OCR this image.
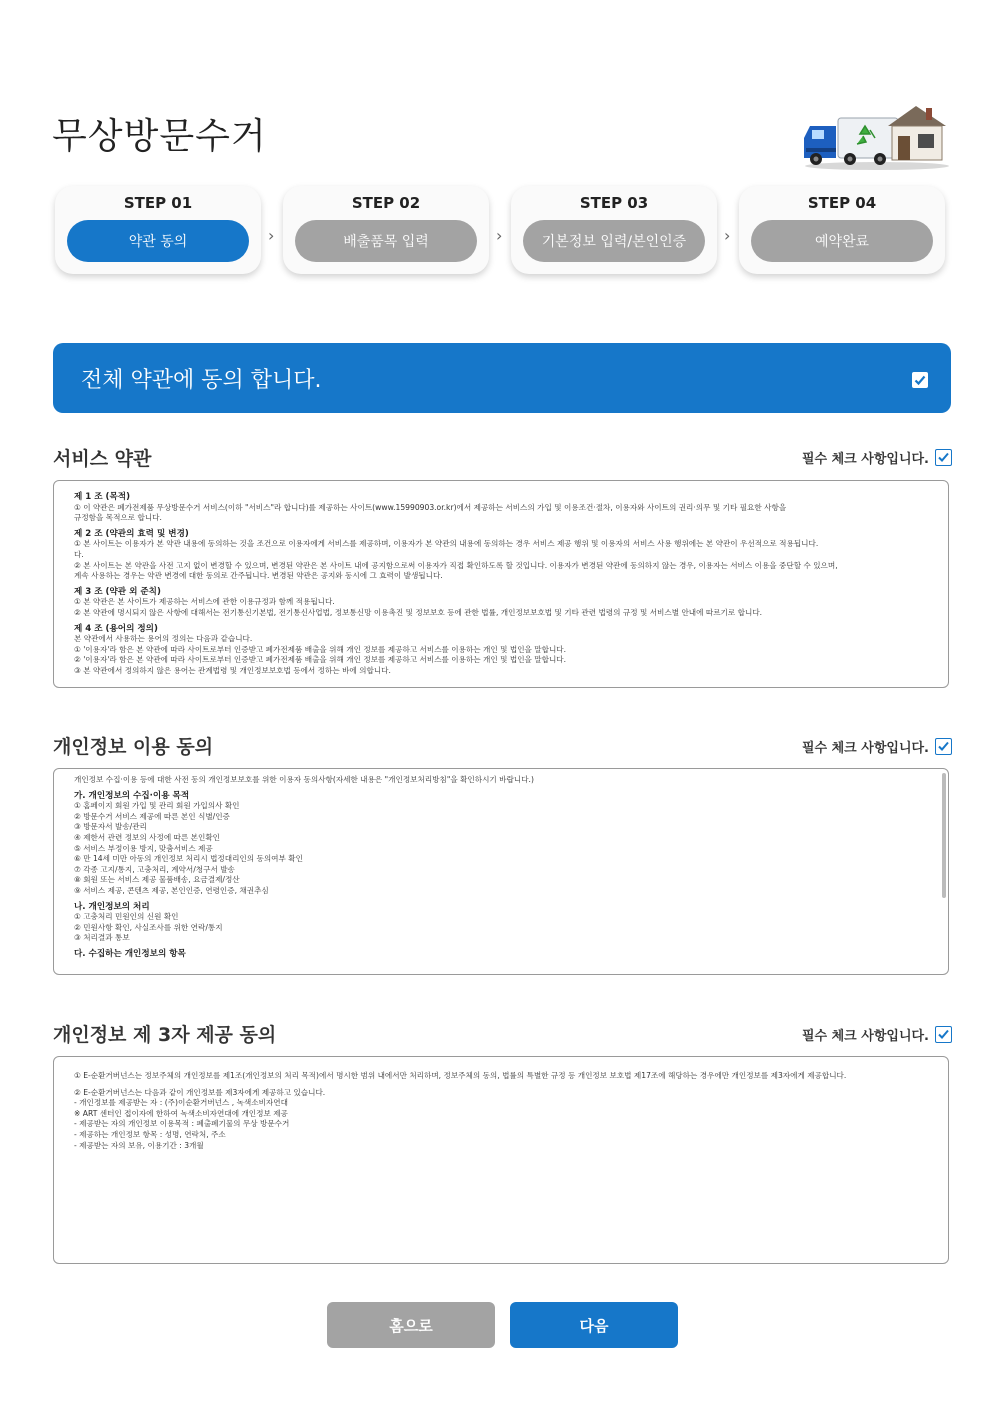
무상방문수거
STEP 01
약관 동의	›
STEP 02
배출품목 입력	›
STEP 03
기본정보 입력/본인인증	›
STEP 04
예약완료
전체 약관에 동의 합니다.
서비스 약관	필수 체크 사항입니다.
제 1 조 (목적)
① 이 약관은 폐가전제품 무상방문수거 서비스(이하 "서비스"라 합니다)를 제공하는 사이트(www.15990903.or.kr)에서 제공하는 서비스의 가입 및 이용조건·절차, 이용자와 사이트의 권리·의무 및 기타 필요한 사항을
규정함을 목적으로 합니다.
제 2 조 (약관의 효력 및 변경)
① 본 사이트는 이용자가 본 약관 내용에 동의하는 것을 조건으로 이용자에게 서비스를 제공하며, 이용자가 본 약관의 내용에 동의하는 경우 서비스 제공 행위 및 이용자의 서비스 사용 행위에는 본 약관이 우선적으로 적용됩니다.
다.
② 본 사이트는 본 약관을 사전 고지 없이 변경할 수 있으며, 변경된 약관은 본 사이트 내에 공지함으로써 이용자가 직접 확인하도록 할 것입니다. 이용자가 변경된 약관에 동의하지 않는 경우, 이용자는 서비스 이용을 중단할 수 있으며,
계속 사용하는 경우는 약관 변경에 대한 동의로 간주됩니다. 변경된 약관은 공지와 동시에 그 효력이 발생됩니다.
제 3 조 (약관 외 준칙)
① 본 약관은 본 사이트가 제공하는 서비스에 관한 이용규정과 함께 적용됩니다.
② 본 약관에 명시되지 않은 사항에 대해서는 전기통신기본법, 전기통신사업법, 정보통신망 이용촉진 및 정보보호 등에 관한 법률, 개인정보보호법 및 기타 관련 법령의 규정 및 서비스별 안내에 따르기로 합니다.
제 4 조 (용어의 정의)
본 약관에서 사용하는 용어의 정의는 다음과 같습니다.
① '이용자'라 함은 본 약관에 따라 사이트로부터 인증받고 폐가전제품 배출을 위해 개인 정보를 제공하고 서비스를 이용하는 개인 및 법인을 말합니다.
② '이용자'라 함은 본 약관에 따라 사이트로부터 인증받고 폐가전제품 배출을 위해 개인 정보를 제공하고 서비스를 이용하는 개인 및 법인을 말합니다.
③ 본 약관에서 정의하지 않은 용어는 관계법령 및 개인정보보호법 등에서 정하는 바에 의합니다.
개인정보 이용 동의	필수 체크 사항입니다.
개인정보 수집·이용 등에 대한 사전 동의 개인정보보호를 위한 이용자 동의사항(자세한 내용은 "개인정보처리방침"을 확인하시기 바랍니다.)
가. 개인정보의 수집·이용 목적
① 홈페이지 회원 가입 및 관리 회원 가입의사 확인
② 방문수거 서비스 제공에 따른 본인 식별/인증
③ 방문자서 발송/관리
④ 제한서 관련 정보의 사정에 따른 본인확인
⑤ 서비스 부정이용 방지, 맞춤서비스 제공
⑥ 만 14세 미만 아동의 개인정보 처리시 법정대리인의 동의여부 확인
⑦ 각종 고지/통지, 고충처리, 계약서/청구서 발송
⑧ 회원 또는 서비스 제공 물품배송, 요금결제/정산
⑨ 서비스 제공, 콘텐츠 제공, 본인인증, 연령인증, 채권추심
나. 개인정보의 처리
① 고충처리 민원인의 신원 확인
② 민원사항 확인, 사실조사를 위한 연락/통지
③ 처리결과 통보
다. 수집하는 개인정보의 항목
개인정보 제 3자 제공 동의	필수 체크 사항입니다.
① E-순환거버넌스는 정보주체의 개인정보를 제1조(개인정보의 처리 목적)에서 명시한 범위 내에서만 처리하며, 정보주체의 동의, 법률의 특별한 규정 등 개인정보 보호법 제17조에 해당하는 경우에만 개인정보를 제3자에게 제공합니다.
② E-순환거버넌스는 다음과 같이 개인정보를 제3자에게 제공하고 있습니다.
- 개인정보를 제공받는 자 : (주)이순환거버넌스 , 녹색소비자연대
※ ART 센터인 접이자에 한하여 녹색소비자연대에 개인정보 제공
- 제공받는 자의 개인정보 이용목적 : 폐출폐기물의 무상 방문수거
- 제공하는 개인정보 항목 : 성명, 연락처, 주소
- 제공받는 자의 보유, 이용기간 : 3개월
홈으로	다음
